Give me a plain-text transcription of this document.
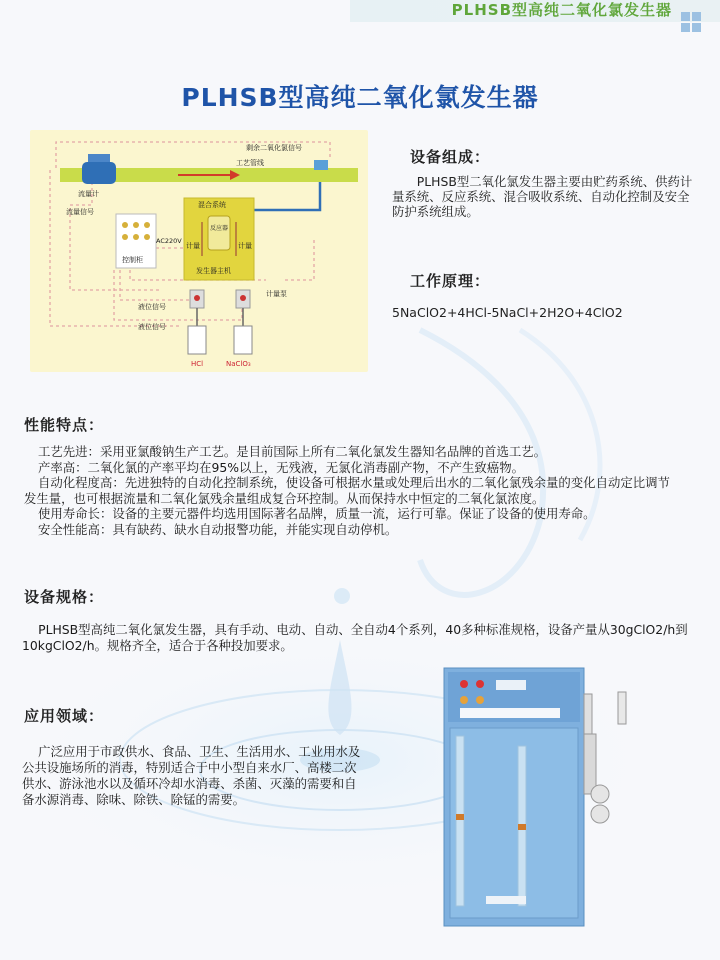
PLHSB型高纯二氧化氯发生器
PLHSB型高纯二氧化氯发生器
工艺管线
剩余二氧化氯信号
流量计
流量信号
控制柜
AC220V
混合系统
反应器
计量	计量
发生器主机
计量泵
液位信号
液位信号
HCl	NaClO₃
设备组成：
PLHSB型二氧化氯发生器主要由贮药系统、供药计量系统、反应系统、混合吸收系统、自动化控制及安全防护系统组成。
工作原理：
5NaClO2+4HCl-5NaCl+2H2O+4ClO2
性能特点：

工艺先进：采用亚氯酸钠生产工艺。是目前国际上所有二氧化氯发生器知名品牌的首选工艺。

产率高：二氧化氯的产率平均在95%以上，无残液，无氯化消毒副产物，不产生致癌物。

自动化程度高：先进独特的自动化控制系统，使设备可根据水量或处理后出水的二氧化氯残余量的变化自动定比调节　 发生量，也可根据流量和二氧化氯残余量组成复合环控制。从而保持水中恒定的二氧化氯浓度。

使用寿命长：设备的主要元器件均选用国际著名品牌，质量一流，运行可靠。保证了设备的使用寿命。

安全性能高：具有缺药、缺水自动报警功能，并能实现自动停机。

设备规格：
PLHSB型高纯二氧化氯发生器，具有手动、电动、自动、全自动4个系列，40多种标准规格，设备产量从30gClO2/h到10kgClO2/h。规格齐全，适合于各种投加要求。
应用领域：
广泛应用于市政供水、食品、卫生、生活用水、工业用水及公共设施场所的消毒，特别适合于中小型自来水厂、高楼二次供水、游泳池水以及循环冷却水消毒、杀菌、灭藻的需要和自备水源消毒、除味、除铁、除锰的需要。
